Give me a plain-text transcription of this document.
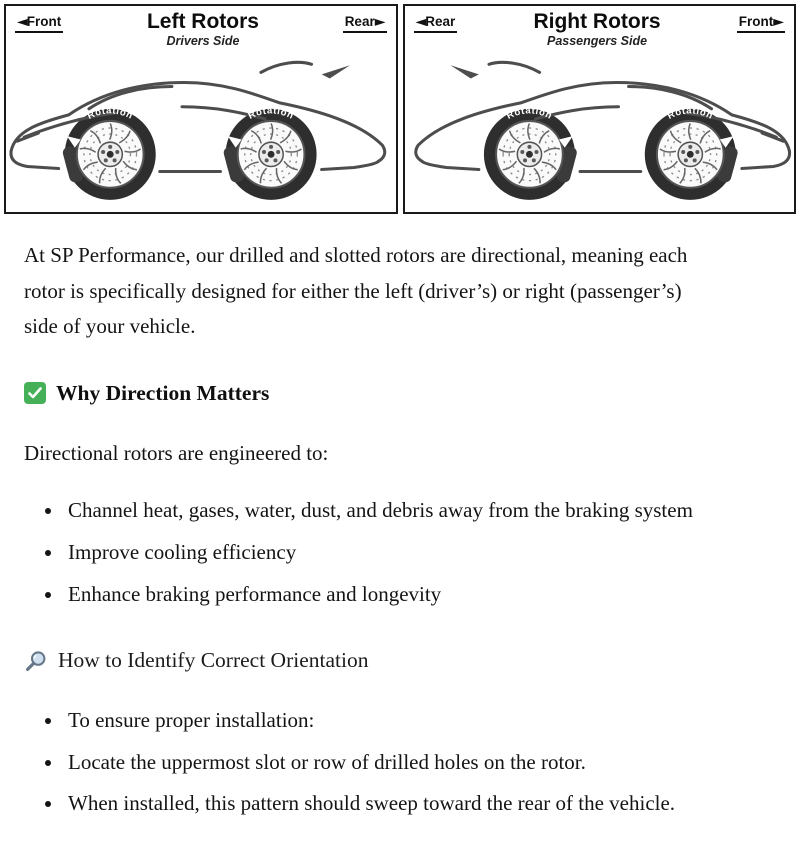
◄Front	Left Rotors
Drivers Side
Rear►
Rotation	Rotation
◄Rear	Right Rotors
Passengers Side
Front►
Rotation
Rotation

At SP Performance, our drilled and slotted rotors are directional, meaning each rotor is specifically designed for either the left (driver’s) or right (passenger’s) side of your vehicle.

Why Direction Matters

Directional rotors are engineered to:

• Channel heat, gases, water, dust, and debris away from the braking system
• Improve cooling efficiency
• Enhance braking performance and longevity
How to Identify Correct Orientation
• To ensure proper installation:
• Locate the uppermost slot or row of drilled holes on the rotor.
• When installed, this pattern should sweep toward the rear of the vehicle.
